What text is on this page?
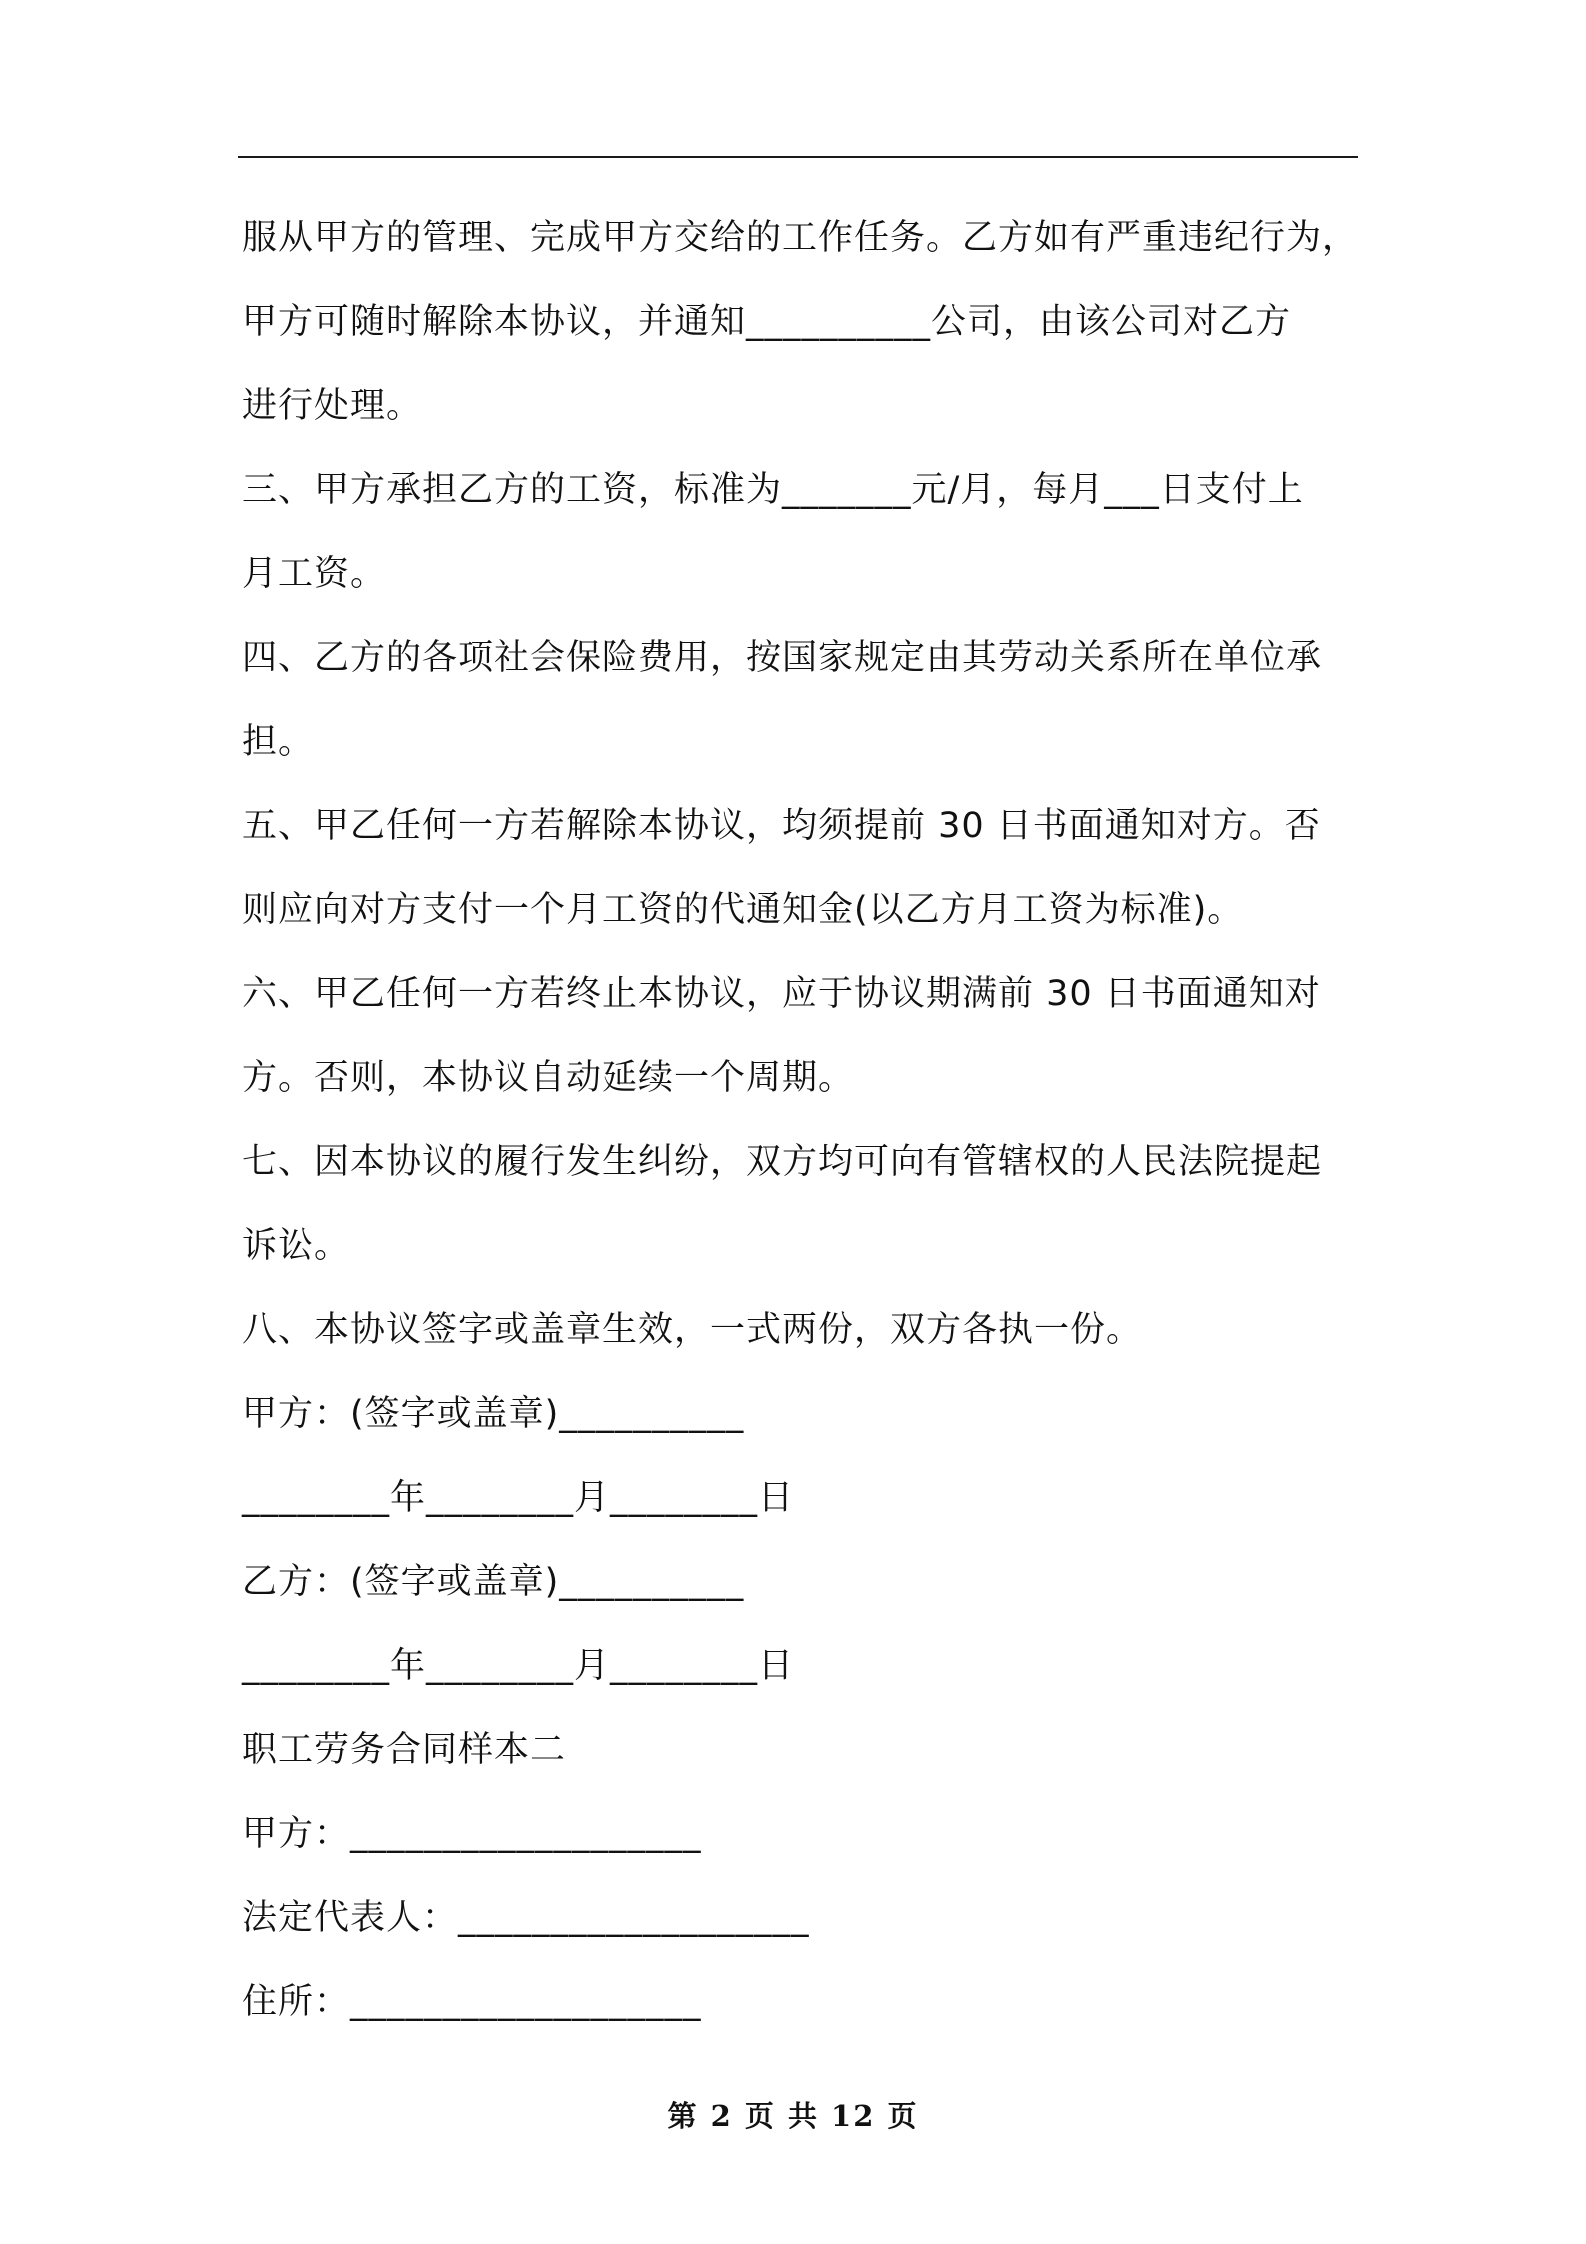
服从甲方的管理、完成甲方交给的工作任务。乙方如有严重违纪行为，
甲方可随时解除本协议，并通知__________公司，由该公司对乙方
进行处理。
三、甲方承担乙方的工资，标准为_______元/月，每月___日支付上
月工资。
四、乙方的各项社会保险费用，按国家规定由其劳动关系所在单位承
担。
五、甲乙任何一方若解除本协议，均须提前 30 日书面通知对方。否
则应向对方支付一个月工资的代通知金(以乙方月工资为标准)。
六、甲乙任何一方若终止本协议，应于协议期满前 30 日书面通知对
方。否则，本协议自动延续一个周期。
七、因本协议的履行发生纠纷，双方均可向有管辖权的人民法院提起
诉讼。
八、本协议签字或盖章生效，一式两份，双方各执一份。
甲方：(签字或盖章)__________
________年________月________日
乙方：(签字或盖章)__________
________年________月________日
职工劳务合同样本二
甲方：___________________
法定代表人：___________________
住所：___________________
第 2 页 共 12 页
